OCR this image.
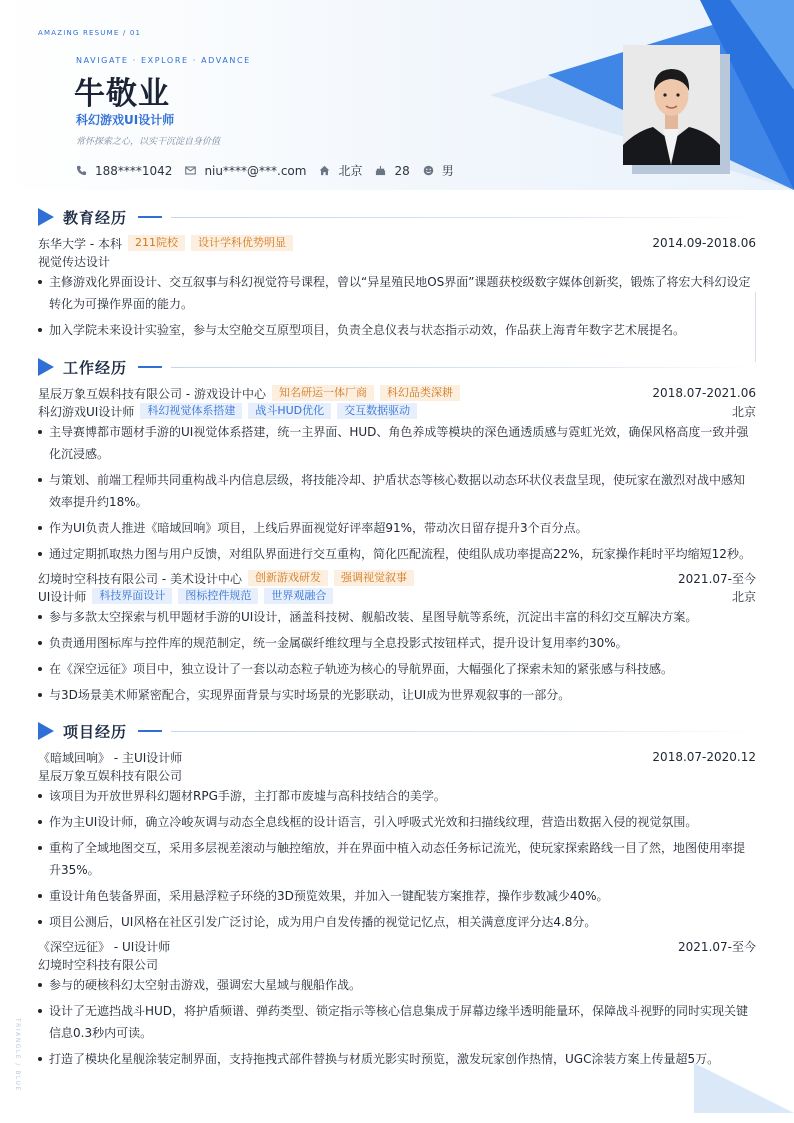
AMAZING RESUME / 01
NAVIGATE · EXPLORE · ADVANCE
牛敬业
科幻游戏UI设计师
常怀探索之心，以实干沉淀自身价值
188****1042	niu****@***.com	北京	28	男
TRIANGLE / BLUE
教育经历
东华大学 - 本科	211院校	设计学科优势明显	2014.09-2018.06
视觉传达设计
主修游戏化界面设计、交互叙事与科幻视觉符号课程，曾以“异星殖民地OS界面”课题获校级数字媒体创新奖，锻炼了将宏大科幻设定转化为可操作界面的能力。
加入学院未来设计实验室，参与太空舱交互原型项目，负责全息仪表与状态指示动效，作品获上海青年数字艺术展提名。
工作经历
星辰万象互娱科技有限公司 - 游戏设计中心	知名研运一体厂商	科幻品类深耕	2018.07-2021.06
科幻游戏UI设计师	科幻视觉体系搭建	战斗HUD优化	交互数据驱动	北京
主导赛博都市题材手游的UI视觉体系搭建，统一主界面、HUD、角色养成等模块的深色通透质感与霓虹光效，确保风格高度一致并强化沉浸感。
与策划、前端工程师共同重构战斗内信息层级，将技能冷却、护盾状态等核心数据以动态环状仪表盘呈现，使玩家在激烈对战中感知效率提升约18%。
作为UI负责人推进《暗域回响》项目，上线后界面视觉好评率超91%，带动次日留存提升3个百分点。
通过定期抓取热力图与用户反馈，对组队界面进行交互重构，简化匹配流程，使组队成功率提高22%，玩家操作耗时平均缩短12秒。
幻境时空科技有限公司 - 美术设计中心	创新游戏研发	强调视觉叙事	2021.07-至今
UI设计师	科技界面设计	图标控件规范	世界观融合	北京
参与多款太空探索与机甲题材手游的UI设计，涵盖科技树、舰船改装、星图导航等系统，沉淀出丰富的科幻交互解决方案。
负责通用图标库与控件库的规范制定，统一金属碳纤维纹理与全息投影式按钮样式，提升设计复用率约30%。
在《深空远征》项目中，独立设计了一套以动态粒子轨迹为核心的导航界面，大幅强化了探索未知的紧张感与科技感。
与3D场景美术师紧密配合，实现界面背景与实时场景的光影联动，让UI成为世界观叙事的一部分。
项目经历
《暗域回响》 - 主UI设计师	2018.07-2020.12
星辰万象互娱科技有限公司
该项目为开放世界科幻题材RPG手游，主打都市废墟与高科技结合的美学。
作为主UI设计师，确立冷峻灰调与动态全息线框的设计语言，引入呼吸式光效和扫描线纹理，营造出数据入侵的视觉氛围。
重构了全域地图交互，采用多层视差滚动与触控缩放，并在界面中植入动态任务标记流光，使玩家探索路线一目了然，地图使用率提升35%。
重设计角色装备界面，采用悬浮粒子环绕的3D预览效果，并加入一键配装方案推荐，操作步数减少40%。
项目公测后，UI风格在社区引发广泛讨论，成为用户自发传播的视觉记忆点，相关满意度评分达4.8分。
《深空远征》 - UI设计师	2021.07-至今
幻境时空科技有限公司
参与的硬核科幻太空射击游戏，强调宏大星域与舰船作战。
设计了无遮挡战斗HUD，将护盾频谱、弹药类型、锁定指示等核心信息集成于屏幕边缘半透明能量环，保障战斗视野的同时实现关键信息0.3秒内可读。
打造了模块化星舰涂装定制界面，支持拖拽式部件替换与材质光影实时预览，激发玩家创作热情，UGC涂装方案上传量超5万。
